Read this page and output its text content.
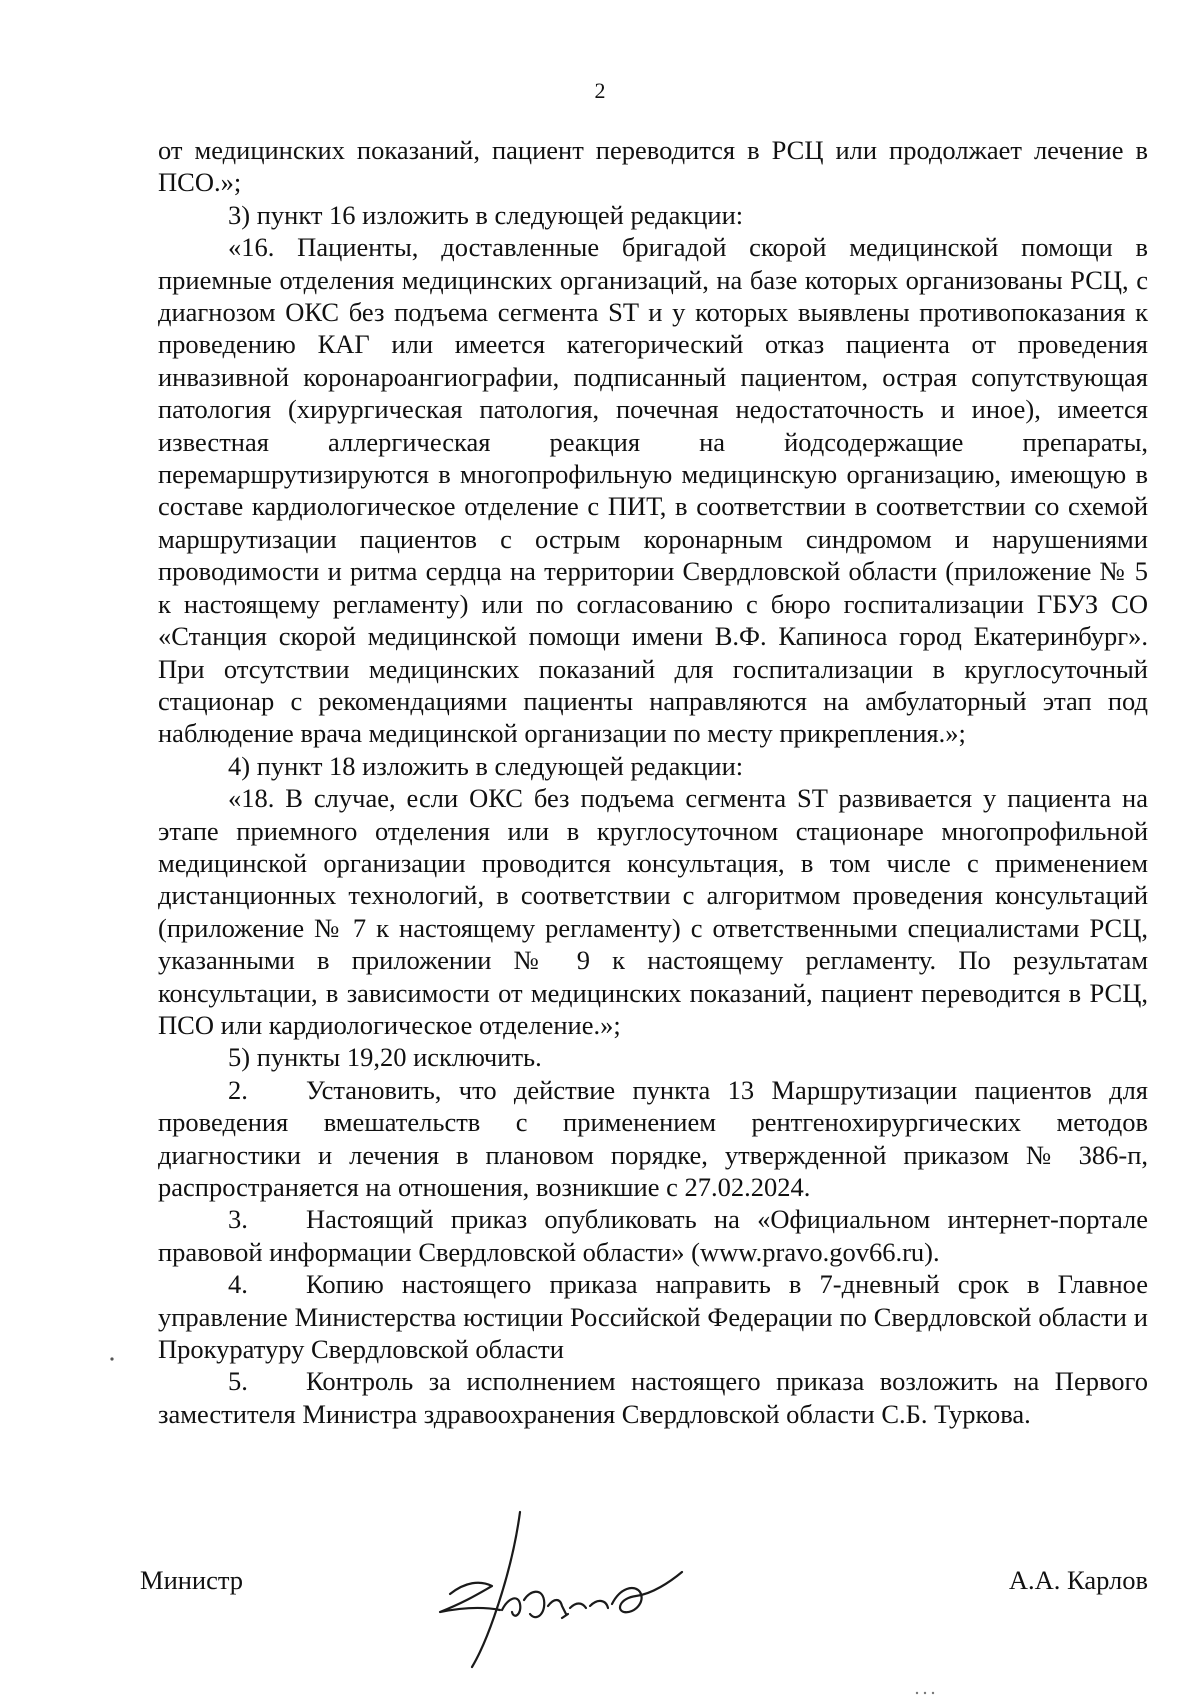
2

от медицинских показаний, пациент переводится в РСЦ или продолжает лечение в ПСО.»;

3) пункт 16 изложить в следующей редакции:

«16. Пациенты, доставленные бригадой скорой медицинской помощи в приемные отделения медицинских организаций, на базе которых организованы РСЦ, с диагнозом ОКС без подъема сегмента ST и у которых выявлены противопоказания к проведению КАГ или имеется категорический отказ пациента от проведения инвазивной коронароангиографии, подписанный пациентом, острая сопутствующая патология (хирургическая патология, почечная недостаточность и иное), имеется известная аллергическая реакция на йодсодержащие препараты, перемаршрутизируются в многопрофильную медицинскую организацию, имеющую в составе кардиологическое отделение с ПИТ, в соответствии в соответствии со схемой маршрутизации пациентов с острым коронарным синдромом и нарушениями проводимости и ритма сердца на территории Свердловской области (приложение № 5 к настоящему регламенту) или по согласованию с бюро госпитализации ГБУЗ СО «Станция скорой медицинской помощи имени В.Ф. Капиноса город Екатеринбург». При отсутствии медицинских показаний для госпитализации в круглосуточный стационар с рекомендациями пациенты направляются на амбулаторный этап под наблюдение врача медицинской организации по месту прикрепления.»;

4) пункт 18 изложить в следующей редакции:

«18. В случае, если ОКС без подъема сегмента ST развивается у пациента на этапе приемного отделения или в круглосуточном стационаре многопрофильной медицинской организации проводится консультация, в том числе с применением дистанционных технологий, в соответствии с алгоритмом проведения консультаций (приложение № 7 к настоящему регламенту) с ответственными специалистами РСЦ, указанными в приложении № 9 к настоящему регламенту. По результатам консультации, в зависимости от медицинских показаний, пациент переводится в РСЦ, ПСО или кардиологическое отделение.»;

5) пункты 19,20 исключить.

2. Установить, что действие пункта 13 Маршрутизации пациентов для проведения вмешательств с применением рентгенохирургических методов диагностики и лечения в плановом порядке, утвержденной приказом № 386-п, распространяется на отношения, возникшие с 27.02.2024.

3. Настоящий приказ опубликовать на «Официальном интернет-портале правовой информации Свердловской области» (www.pravo.gov66.ru).

4. Копию настоящего приказа направить в 7-дневный срок в Главное управление Министерства юстиции Российской Федерации по Свердловской области и Прокуратуру Свердловской области

5. Контроль за исполнением настоящего приказа возложить на Первого заместителя Министра здравоохранения Свердловской области С.Б. Туркова.

Министр	А.А. Карлов
